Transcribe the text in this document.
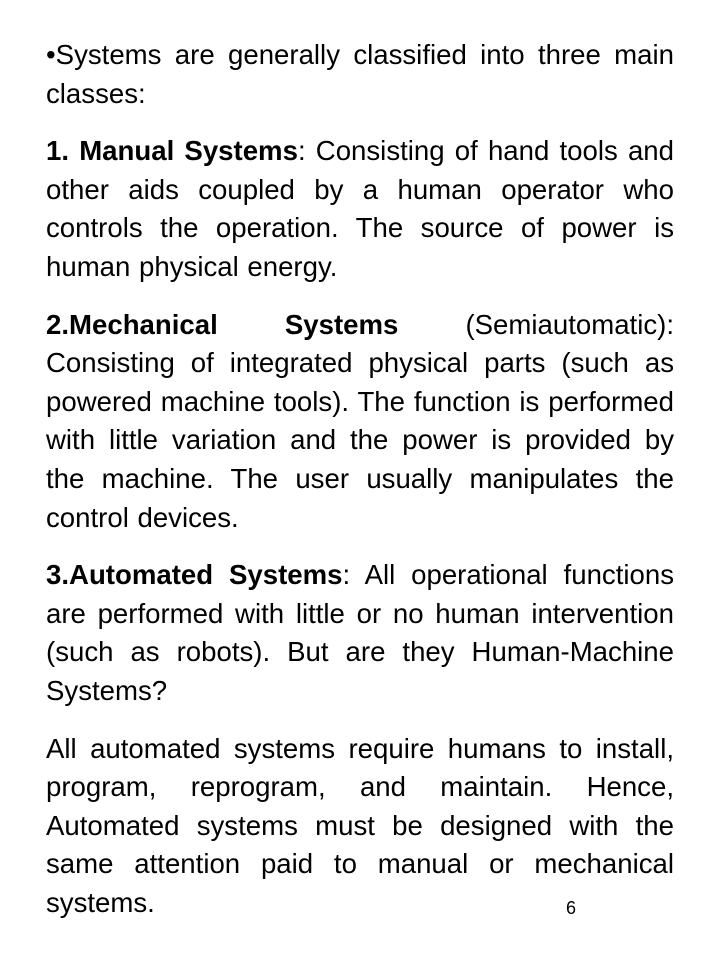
•Systems are generally classified into three main classes:

1. Manual Systems: Consisting of hand tools and other aids coupled by a human operator who controls the operation. The source of power is human physical energy.

2.Mechanical Systems (Semiautomatic): Consisting of integrated physical parts (such as powered machine tools). The function is performed with little variation and the power is provided by the machine. The user usually manipulates the control devices.

3.Automated Systems: All operational functions are performed with little or no human intervention (such as robots). But are they Human-Machine Systems?

All automated systems require humans to install, program, reprogram, and maintain. Hence, Automated systems must be designed with the same attention paid to manual or mechanical systems.	6
